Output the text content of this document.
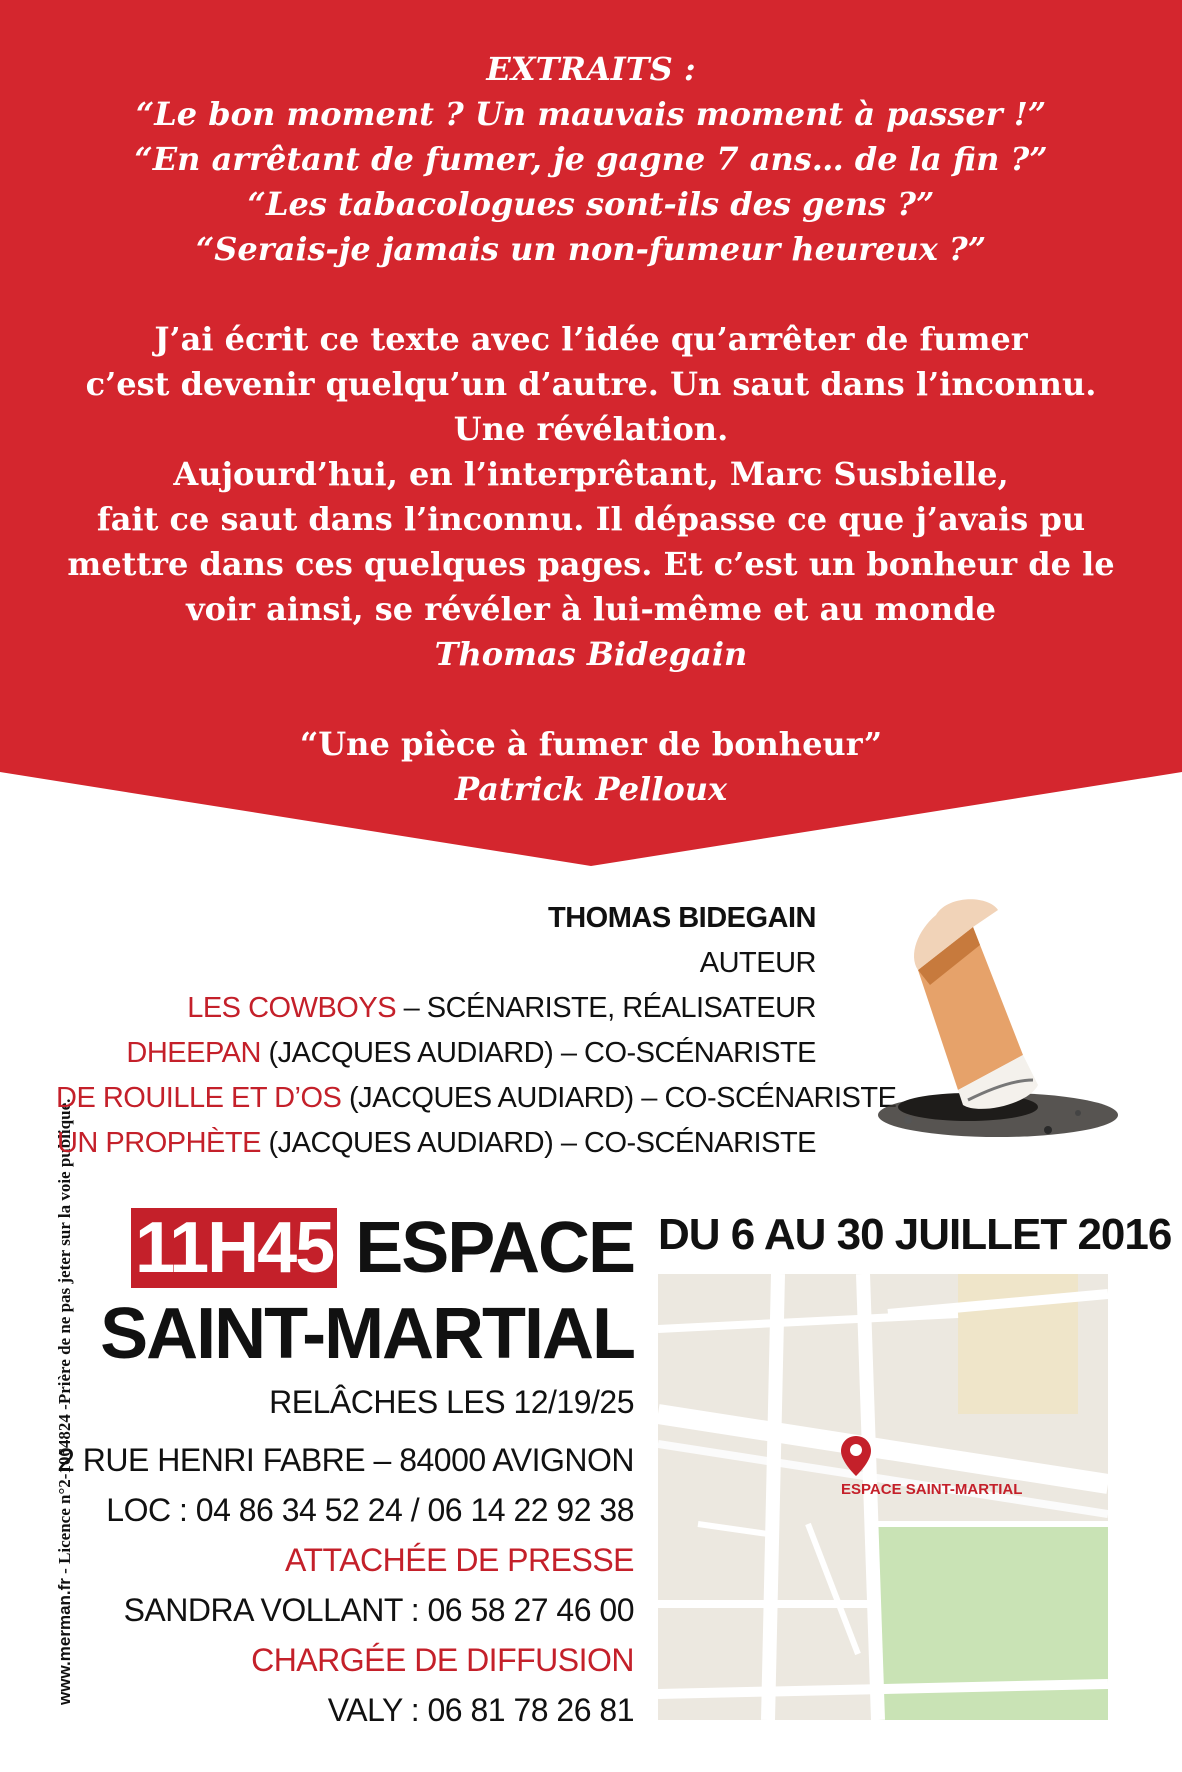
EXTRAITS :
“Le bon moment ? Un mauvais moment à passer !”
“En arrêtant de fumer, je gagne 7 ans… de la fin ?”
“Les tabacologues sont-ils des gens ?”
“Serais-je jamais un non-fumeur heureux ?”
J’ai écrit ce texte avec l’idée qu’arrêter de fumer
c’est devenir quelqu’un d’autre. Un saut dans l’inconnu.
Une révélation.
Aujourd’hui, en l’interprêtant, Marc Susbielle,
fait ce saut dans l’inconnu. Il dépasse ce que j’avais pu
mettre dans ces quelques pages. Et c’est un bonheur de le
voir ainsi, se révéler à lui-même et au monde
Thomas Bidegain
“Une pièce à fumer de bonheur”
Patrick Pelloux
www.merman.fr - Licence n°2-1064824 -Prière de ne pas jeter sur la voie publique.
THOMAS BIDEGAIN
AUTEUR
LES COWBOYS – SCÉNARISTE, RÉALISATEUR
DHEEPAN (JACQUES AUDIARD) – CO-SCÉNARISTE
DE ROUILLE ET D’OS (JACQUES AUDIARD) – CO-SCÉNARISTE
UN PROPHÈTE (JACQUES AUDIARD) – CO-SCÉNARISTE
11H45 ESPACE
SAINT-MARTIAL
RELÂCHES LES 12/19/25
2 RUE HENRI FABRE – 84000 AVIGNON
LOC : 04 86 34 52 24 / 06 14 22 92 38
ATTACHÉE DE PRESSE
SANDRA VOLLANT : 06 58 27 46 00
CHARGÉE DE DIFFUSION
VALY : 06 81 78 26 81
DU 6 AU 30 JUILLET 2016
ESPACE SAINT-MARTIAL
